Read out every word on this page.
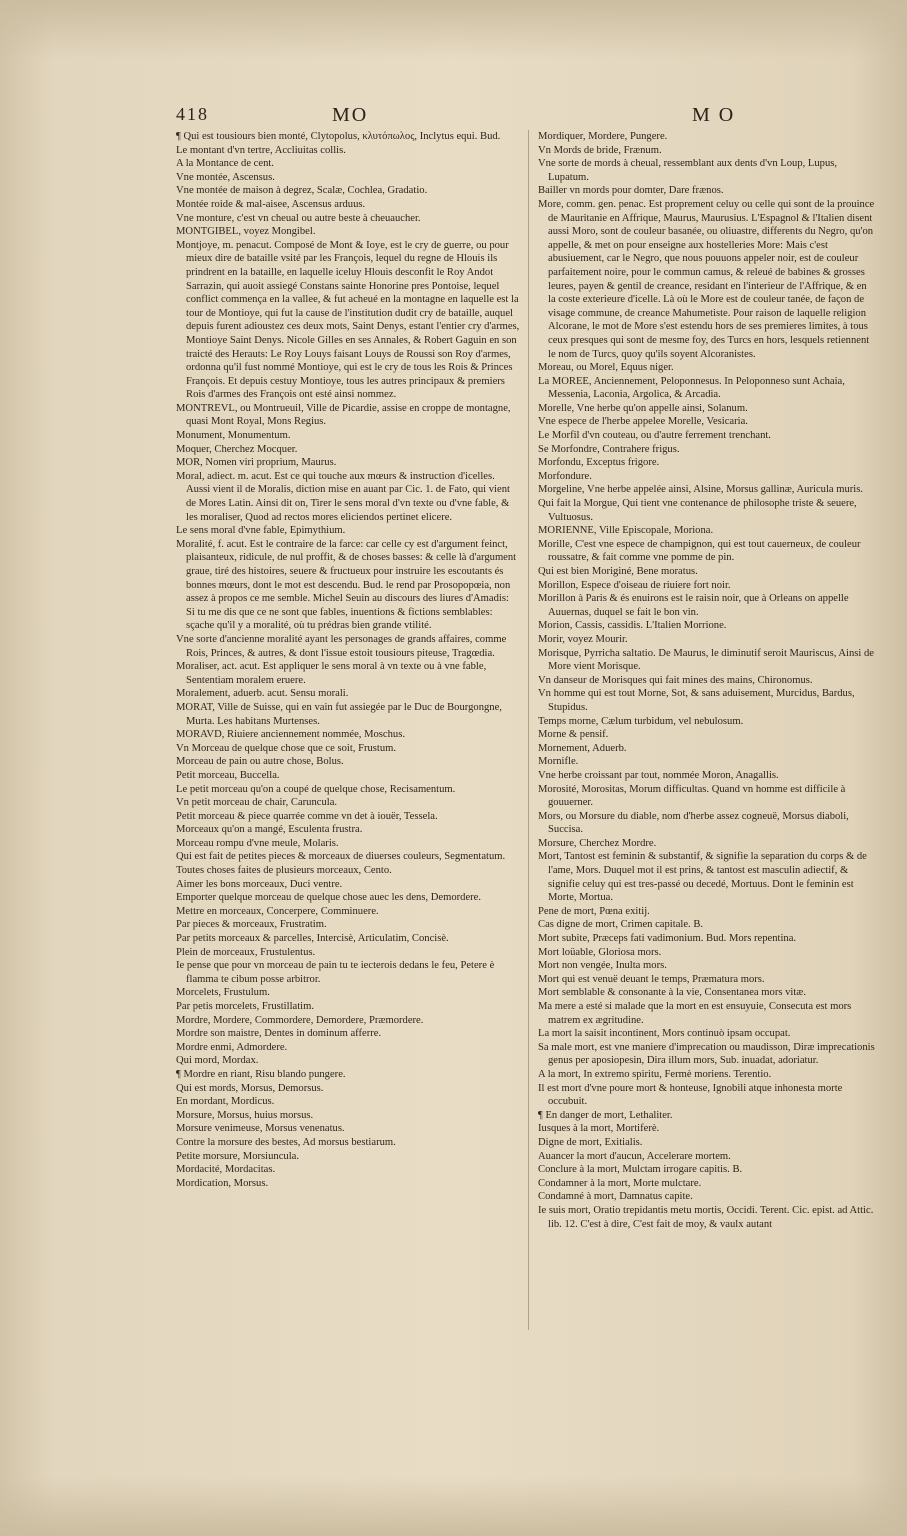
418	MO	M O

¶ Qui est tousiours bien monté, Clytopolus, κλυτόπωλος, Inclytus equi. Bud.

Le montant d'vn tertre, Accliuitas collis.

A la Montance de cent.

Vne montée, Ascensus.

Vne montée de maison à degrez, Scalæ, Cochlea, Gradatio.

Montée roide & mal-aisee, Ascensus arduus.

Vne monture, c'est vn cheual ou autre beste à cheuaucher.

MONTGIBEL, voyez Mongibel.

Montjoye, m. penacut. Composé de Mont & Ioye, est le cry de guerre, ou pour mieux dire de bataille vsité par les François, lequel du regne de Hlouis ils prindrent en la bataille, en laquelle iceluy Hlouis desconfit le Roy Andot Sarrazin, qui auoit assiegé Constans sainte Honorine pres Pontoise, lequel conflict commença en la vallee, & fut acheué en la montagne en laquelle est la tour de Montioye, qui fut la cause de l'institution dudit cry de bataille, auquel depuis furent adioustez ces deux mots, Saint Denys, estant l'entier cry d'armes, Montioye Saint Denys. Nicole Gilles en ses Annales, & Robert Gaguin en son traicté des Herauts: Le Roy Louys faisant Louys de Roussi son Roy d'armes, ordonna qu'il fust nommé Montioye, qui est le cry de tous les Rois & Princes François. Et depuis cestuy Montioye, tous les autres principaux & premiers Rois d'armes des François ont esté ainsi nommez.

MONTREVL, ou Montrueuil, Ville de Picardie, assise en croppe de montagne, quasi Mont Royal, Mons Regius.

Monument, Monumentum.

Moquer, Cherchez Mocquer.

MOR, Nomen viri proprium, Maurus.

Moral, adiect. m. acut. Est ce qui touche aux mœurs & instruction d'icelles. Aussi vient il de Moralis, diction mise en auant par Cic. 1. de Fato, qui vient de Mores Latin. Ainsi dit on, Tirer le sens moral d'vn texte ou d'vne fable, & les moraliser, Quod ad rectos mores eliciendos pertinet elicere.

Le sens moral d'vne fable, Epimythium.

Moralité, f. acut. Est le contraire de la farce: car celle cy est d'argument feinct, plaisanteux, ridicule, de nul proffit, & de choses basses: & celle là d'argument graue, tiré des histoires, seuere & fructueux pour instruire les escoutants és bonnes mœurs, dont le mot est descendu. Bud. le rend par Prosopopœia, non assez à propos ce me semble. Michel Seuin au discours des liures d'Amadis: Si tu me dis que ce ne sont que fables, inuentions & fictions semblables: sçache qu'il y a moralité, où tu prédras bien grande vtilité.

Vne sorte d'ancienne moralité ayant les personages de grands affaires, comme Rois, Princes, & autres, & dont l'issue estoit tousiours piteuse, Tragœdia.

Moraliser, act. acut. Est appliquer le sens moral à vn texte ou à vne fable, Sententiam moralem eruere.

Moralement, aduerb. acut. Sensu morali.

MORAT, Ville de Suisse, qui en vain fut assiegée par le Duc de Bourgongne, Murta. Les habitans Murtenses.

MORAVD, Riuiere anciennement nommée, Moschus.

Vn Morceau de quelque chose que ce soit, Frustum.

Morceau de pain ou autre chose, Bolus.

Petit morceau, Buccella.

Le petit morceau qu'on a coupé de quelque chose, Recisamentum.

Vn petit morceau de chair, Caruncula.

Petit morceau & piece quarrée comme vn det à iouër, Tessela.

Morceaux qu'on a mangé, Esculenta frustra.

Morceau rompu d'vne meule, Molaris.

Qui est fait de petites pieces & morceaux de diuerses couleurs, Segmentatum.

Toutes choses faites de plusieurs morceaux, Cento.

Aimer les bons morceaux, Duci ventre.

Emporter quelque morceau de quelque chose auec les dens, Demordere.

Mettre en morceaux, Concerpere, Comminuere.

Par pieces & morceaux, Frustratim.

Par petits morceaux & parcelles, Intercisè, Articulatim, Concisè.

Plein de morceaux, Frustulentus.

Ie pense que pour vn morceau de pain tu te iecterois dedans le feu, Petere è flamma te cibum posse arbitror.

Morcelets, Frustulum.

Par petis morcelets, Frustillatim.

Mordre, Mordere, Commordere, Demordere, Præmordere.

Mordre son maistre, Dentes in dominum afferre.

Mordre enmi, Admordere.

Qui mord, Mordax.

¶ Mordre en riant, Risu blando pungere.

Qui est mords, Morsus, Demorsus.

En mordant, Mordicus.

Morsure, Morsus, huius morsus.

Morsure venimeuse, Morsus venenatus.

Contre la morsure des bestes, Ad morsus bestiarum.

Petite morsure, Morsiuncula.

Mordacité, Mordacitas.

Mordication, Morsus.

Mordiquer, Mordere, Pungere.

Vn Mords de bride, Frænum.

Vne sorte de mords à cheual, ressemblant aux dents d'vn Loup, Lupus, Lupatum.

Bailler vn mords pour domter, Dare frænos.

More, comm. gen. penac. Est proprement celuy ou celle qui sont de la prouince de Mauritanie en Affrique, Maurus, Maurusius. L'Espagnol & l'Italien disent aussi Moro, sont de couleur basanée, ou oliuastre, differents du Negro, qu'on appelle, & met on pour enseigne aux hostelleries More: Mais c'est abusiuement, car le Negro, que nous pouuons appeler noir, est de couleur parfaitement noire, pour le commun camus, & releué de babines & grosses leures, payen & gentil de creance, residant en l'interieur de l'Affrique, & en la coste exterieure d'icelle. Là où le More est de couleur tanée, de façon de visage commune, de creance Mahumetiste. Pour raison de laquelle religion Alcorane, le mot de More s'est estendu hors de ses premieres limites, à tous ceux presques qui sont de mesme foy, des Turcs en hors, lesquels retiennent le nom de Turcs, quoy qu'ils soyent Alcoranistes.

Moreau, ou Morel, Equus niger.

La MOREE, Anciennement, Peloponnesus. In Peloponneso sunt Achaia, Messenia, Laconia, Argolica, & Arcadia.

Morelle, Vne herbe qu'on appelle ainsi, Solanum.

Vne espece de l'herbe appelee Morelle, Vesicaria.

Le Morfil d'vn couteau, ou d'autre ferrement trenchant.

Se Morfondre, Contrahere frigus.

Morfondu, Exceptus frigore.

Morfondure.

Morgeline, Vne herbe appelée ainsi, Alsine, Morsus gallinæ, Auricula muris.

Qui fait la Morgue, Qui tient vne contenance de philosophe triste & seuere, Vultuosus.

MORIENNE, Ville Episcopale, Moriona.

Morille, C'est vne espece de champignon, qui est tout cauerneux, de couleur roussatre, & fait comme vne pomme de pin.

Qui est bien Moriginé, Bene moratus.

Morillon, Espece d'oiseau de riuiere fort noir.

Morillon à Paris & és enuirons est le raisin noir, que à Orleans on appelle Auuernas, duquel se fait le bon vin.

Morion, Cassis, cassidis. L'Italien Morrione.

Morir, voyez Mourir.

Morisque, Pyrricha saltatio. De Maurus, le diminutif seroit Mauriscus, Ainsi de More vient Morisque.

Vn danseur de Morisques qui fait mines des mains, Chironomus.

Vn homme qui est tout Morne, Sot, & sans aduisement, Murcidus, Bardus, Stupidus.

Temps morne, Cælum turbidum, vel nebulosum.

Morne & pensif.

Mornement, Aduerb.

Mornifle.

Vne herbe croissant par tout, nommée Moron, Anagallis.

Morosité, Morositas, Morum difficultas. Quand vn homme est difficile à gouuerner.

Mors, ou Morsure du diable, nom d'herbe assez cogneuë, Morsus diaboli, Succisa.

Morsure, Cherchez Mordre.

Mort, Tantost est feminin & substantif, & signifie la separation du corps & de l'ame, Mors. Duquel mot il est prins, & tantost est masculin adiectif, & signifie celuy qui est tres-passé ou decedé, Mortuus. Dont le feminin est Morte, Mortua.

Pene de mort, Pœna exitij.

Cas digne de mort, Crimen capitale. B.

Mort subite, Præceps fati vadimonium. Bud. Mors repentina.

Mort loüable, Gloriosa mors.

Mort non vengée, Inulta mors.

Mort qui est venuë deuant le temps, Præmatura mors.

Mort semblable & consonante à la vie, Consentanea mors vitæ.

Ma mere a esté si malade que la mort en est ensuyuie, Consecuta est mors matrem ex ægritudine.

La mort la saisit incontinent, Mors continuò ipsam occupat.

Sa male mort, est vne maniere d'imprecation ou maudisson, Diræ imprecationis genus per aposiopesin, Dira illum mors, Sub. inuadat, adoriatur.

A la mort, In extremo spiritu, Fermè moriens. Terentio.

Il est mort d'vne poure mort & honteuse, Ignobili atque inhonesta morte occubuit.

¶ En danger de mort, Lethaliter.

Iusques à la mort, Mortiferè.

Digne de mort, Exitialis.

Auancer la mort d'aucun, Accelerare mortem.

Conclure à la mort, Mulctam irrogare capitis. B.

Condamner à la mort, Morte mulctare.

Condamné à mort, Damnatus capite.

Ie suis mort, Oratio trepidantis metu mortis, Occidi. Terent. Cic. epist. ad Attic. lib. 12. C'est à dire, C'est fait de moy, & vaulx autant
